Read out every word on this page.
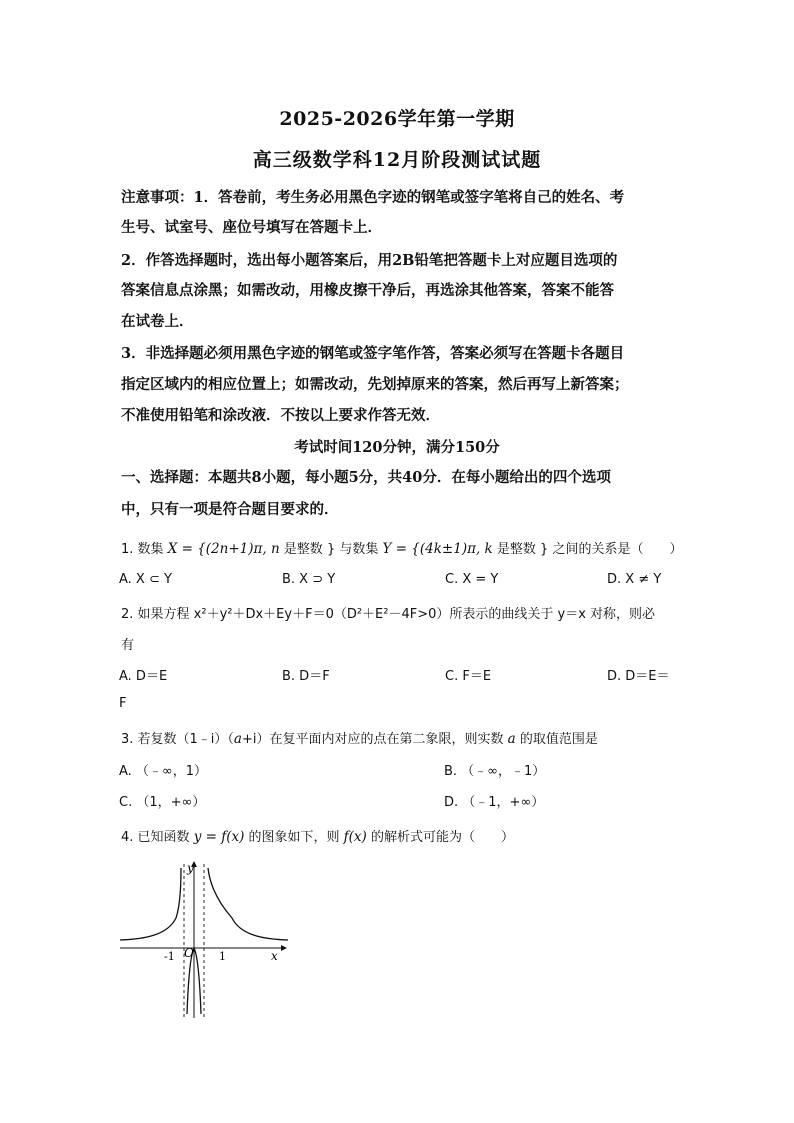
2025-2026学年第一学期
高三级数学科12月阶段测试试题
注意事项：1．答卷前，考生务必用黑色字迹的钢笔或签字笔将自己的姓名、考
生号、试室号、座位号填写在答题卡上．
2．作答选择题时，选出每小题答案后，用2B铅笔把答题卡上对应题目选项的
答案信息点涂黑；如需改动，用橡皮擦干净后，再选涂其他答案，答案不能答
在试卷上．
3．非选择题必须用黑色字迹的钢笔或签字笔作答，答案必须写在答题卡各题目
指定区域内的相应位置上；如需改动，先划掉原来的答案，然后再写上新答案；
不准使用铅笔和涂改液．不按以上要求作答无效．
考试时间120分钟，满分150分
一、选择题：本题共8小题，每小题5分，共40分．在每小题给出的四个选项
中，只有一项是符合题目要求的．
1. 数集 X = {(2n+1)π, n 是整数 } 与数集 Y = {(4k±1)π, k 是整数 } 之间的关系是（　　）
A. X ⊂ Y	B. X ⊃ Y	C. X = Y	D. X ≠ Y
2. 如果方程 x²＋y²＋Dx＋Ey＋F＝0（D²＋E²－4F>0）所表示的曲线关于 y＝x 对称，则必
有
A. D＝E	B. D＝F	C. F＝E	D. D＝E＝
F
3. 若复数（1﹣i）（a+i）在复平面内对应的点在第二象限，则实数 a 的取值范围是
A. （﹣∞，1）	B. （﹣∞，﹣1）
C. （1，+∞）	D. （﹣1，+∞）
4. 已知函数 y = f(x) 的图象如下，则 f(x) 的解析式可能为（　　）
y
x
O
-1	1
